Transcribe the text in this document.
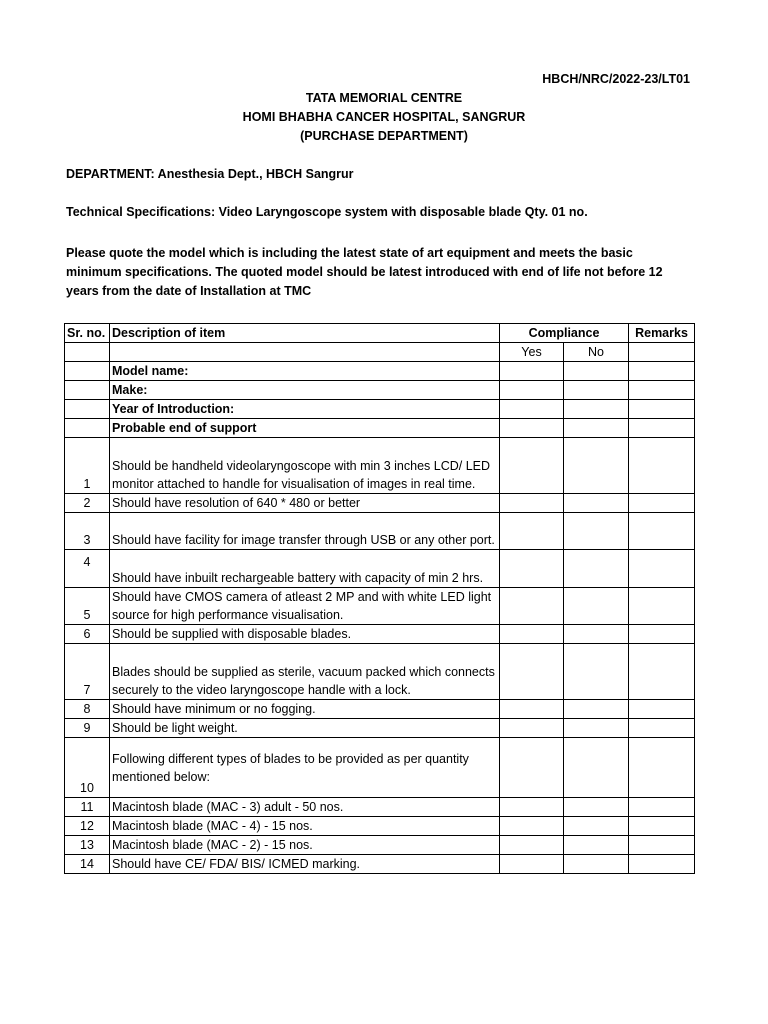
HBCH/NRC/2022-23/LT01
TATA MEMORIAL CENTRE
HOMI BHABHA CANCER HOSPITAL, SANGRUR
(PURCHASE DEPARTMENT)
DEPARTMENT: Anesthesia Dept., HBCH Sangrur
Technical Specifications: Video Laryngoscope system with disposable blade Qty. 01 no.
Please quote the model which is including the latest state of art equipment and meets the basic minimum specifications. The quoted model should be latest introduced with end of life not before 12 years from the date of Installation at TMC
Sr. no.	Description of item	Compliance		Remarks
		Yes	No	
	Model name:			
	Make:			
	Year of Introduction:			
	Probable end of support			
1	Should be handheld videolaryngoscope with min 3 inches LCD/ LED monitor attached to handle for visualisation of images in real time.			
2	Should have resolution of 640 * 480 or better			
3	Should have facility for image transfer through USB or any other port.			
4	Should have inbuilt rechargeable battery with capacity of min 2 hrs.			
5	Should have CMOS camera of atleast 2 MP and with white LED light source for high performance visualisation.			
6	Should be supplied with disposable blades.			
7	Blades should be supplied as sterile, vacuum packed which connects securely to the video laryngoscope handle with a lock.			
8	Should have minimum or no fogging.			
9	Should be light weight.			
10	Following different types of blades to be provided as per quantity mentioned below:			
11	Macintosh blade (MAC - 3) adult - 50 nos.			
12	Macintosh blade (MAC - 4) - 15 nos.			
13	Macintosh blade (MAC - 2) - 15 nos.			
14	Should have CE/ FDA/ BIS/ ICMED marking.			
